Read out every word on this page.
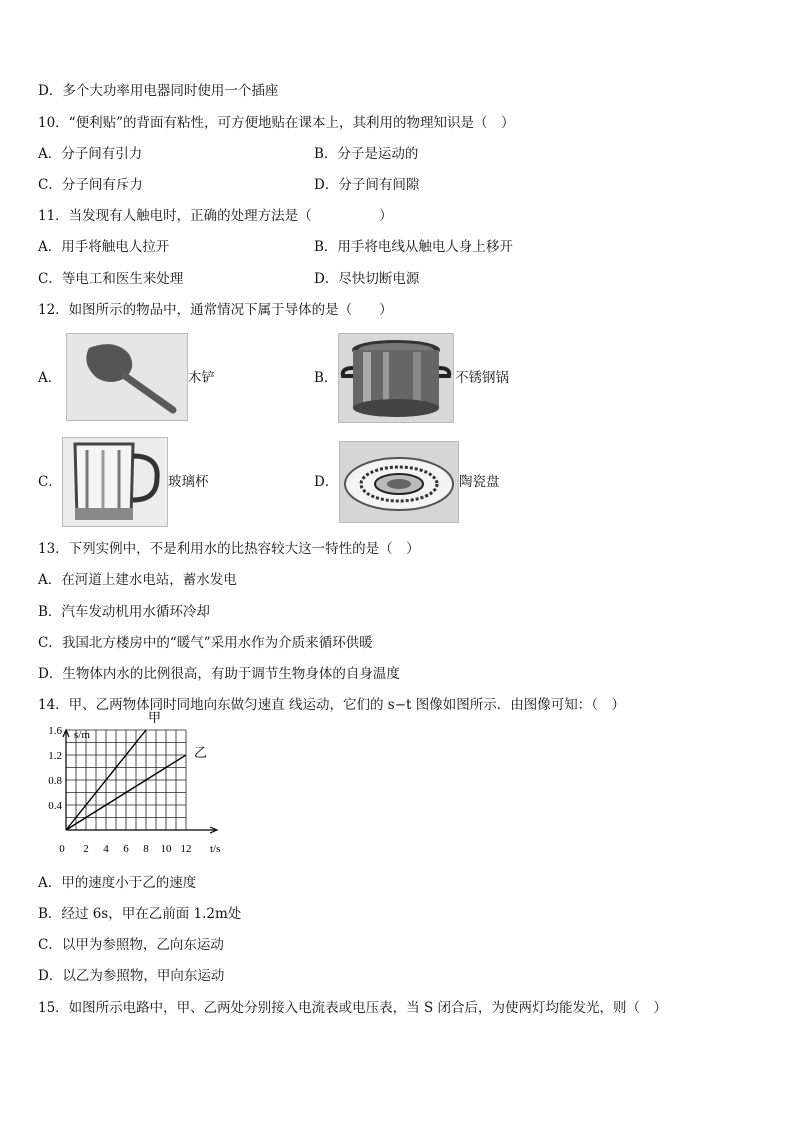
D．多个大功率用电器同时使用一个插座
10．“便利贴”的背面有粘性，可方便地贴在课本上，其利用的物理知识是（　）
A．分子间有引力	B．分子是运动的
C．分子间有斥力	D．分子间有间隙
11．当发现有人触电时，正确的处理方法是（　　　　　）
A．用手将触电人拉开	B．用手将电线从触电人身上移开
C．等电工和医生来处理	D．尽快切断电源
12．如图所示的物品中，通常情况下属于导体的是（　　）
A．	木铲	B．	不锈钢锅
C．	玻璃杯	D．	陶瓷盘
13．下列实例中，不是利用水的比热容较大这一特性的是（　）
A．在河道上建水电站，蓄水发电
B．汽车发动机用水循环冷却
C．我国北方楼房中的“暖气”采用水作为介质来循环供暖
D．生物体内水的比例很高，有助于调节生物身体的自身温度
14．甲、乙两物体同时同地向东做匀速直 线运动，它们的 s−t 图像如图所示．由图像可知：（　）
0 2 4 6 8 10 12
0.4
0.8
1.2
1.6 s/m
t/s
甲
乙
A．甲的速度小于乙的速度
B．经过 6s，甲在乙前面 1.2m处
C．以甲为参照物，乙向东运动
D．以乙为参照物，甲向东运动
15．如图所示电路中，甲、乙两处分别接入电流表或电压表，当 S 闭合后，为使两灯均能发光，则（　）
